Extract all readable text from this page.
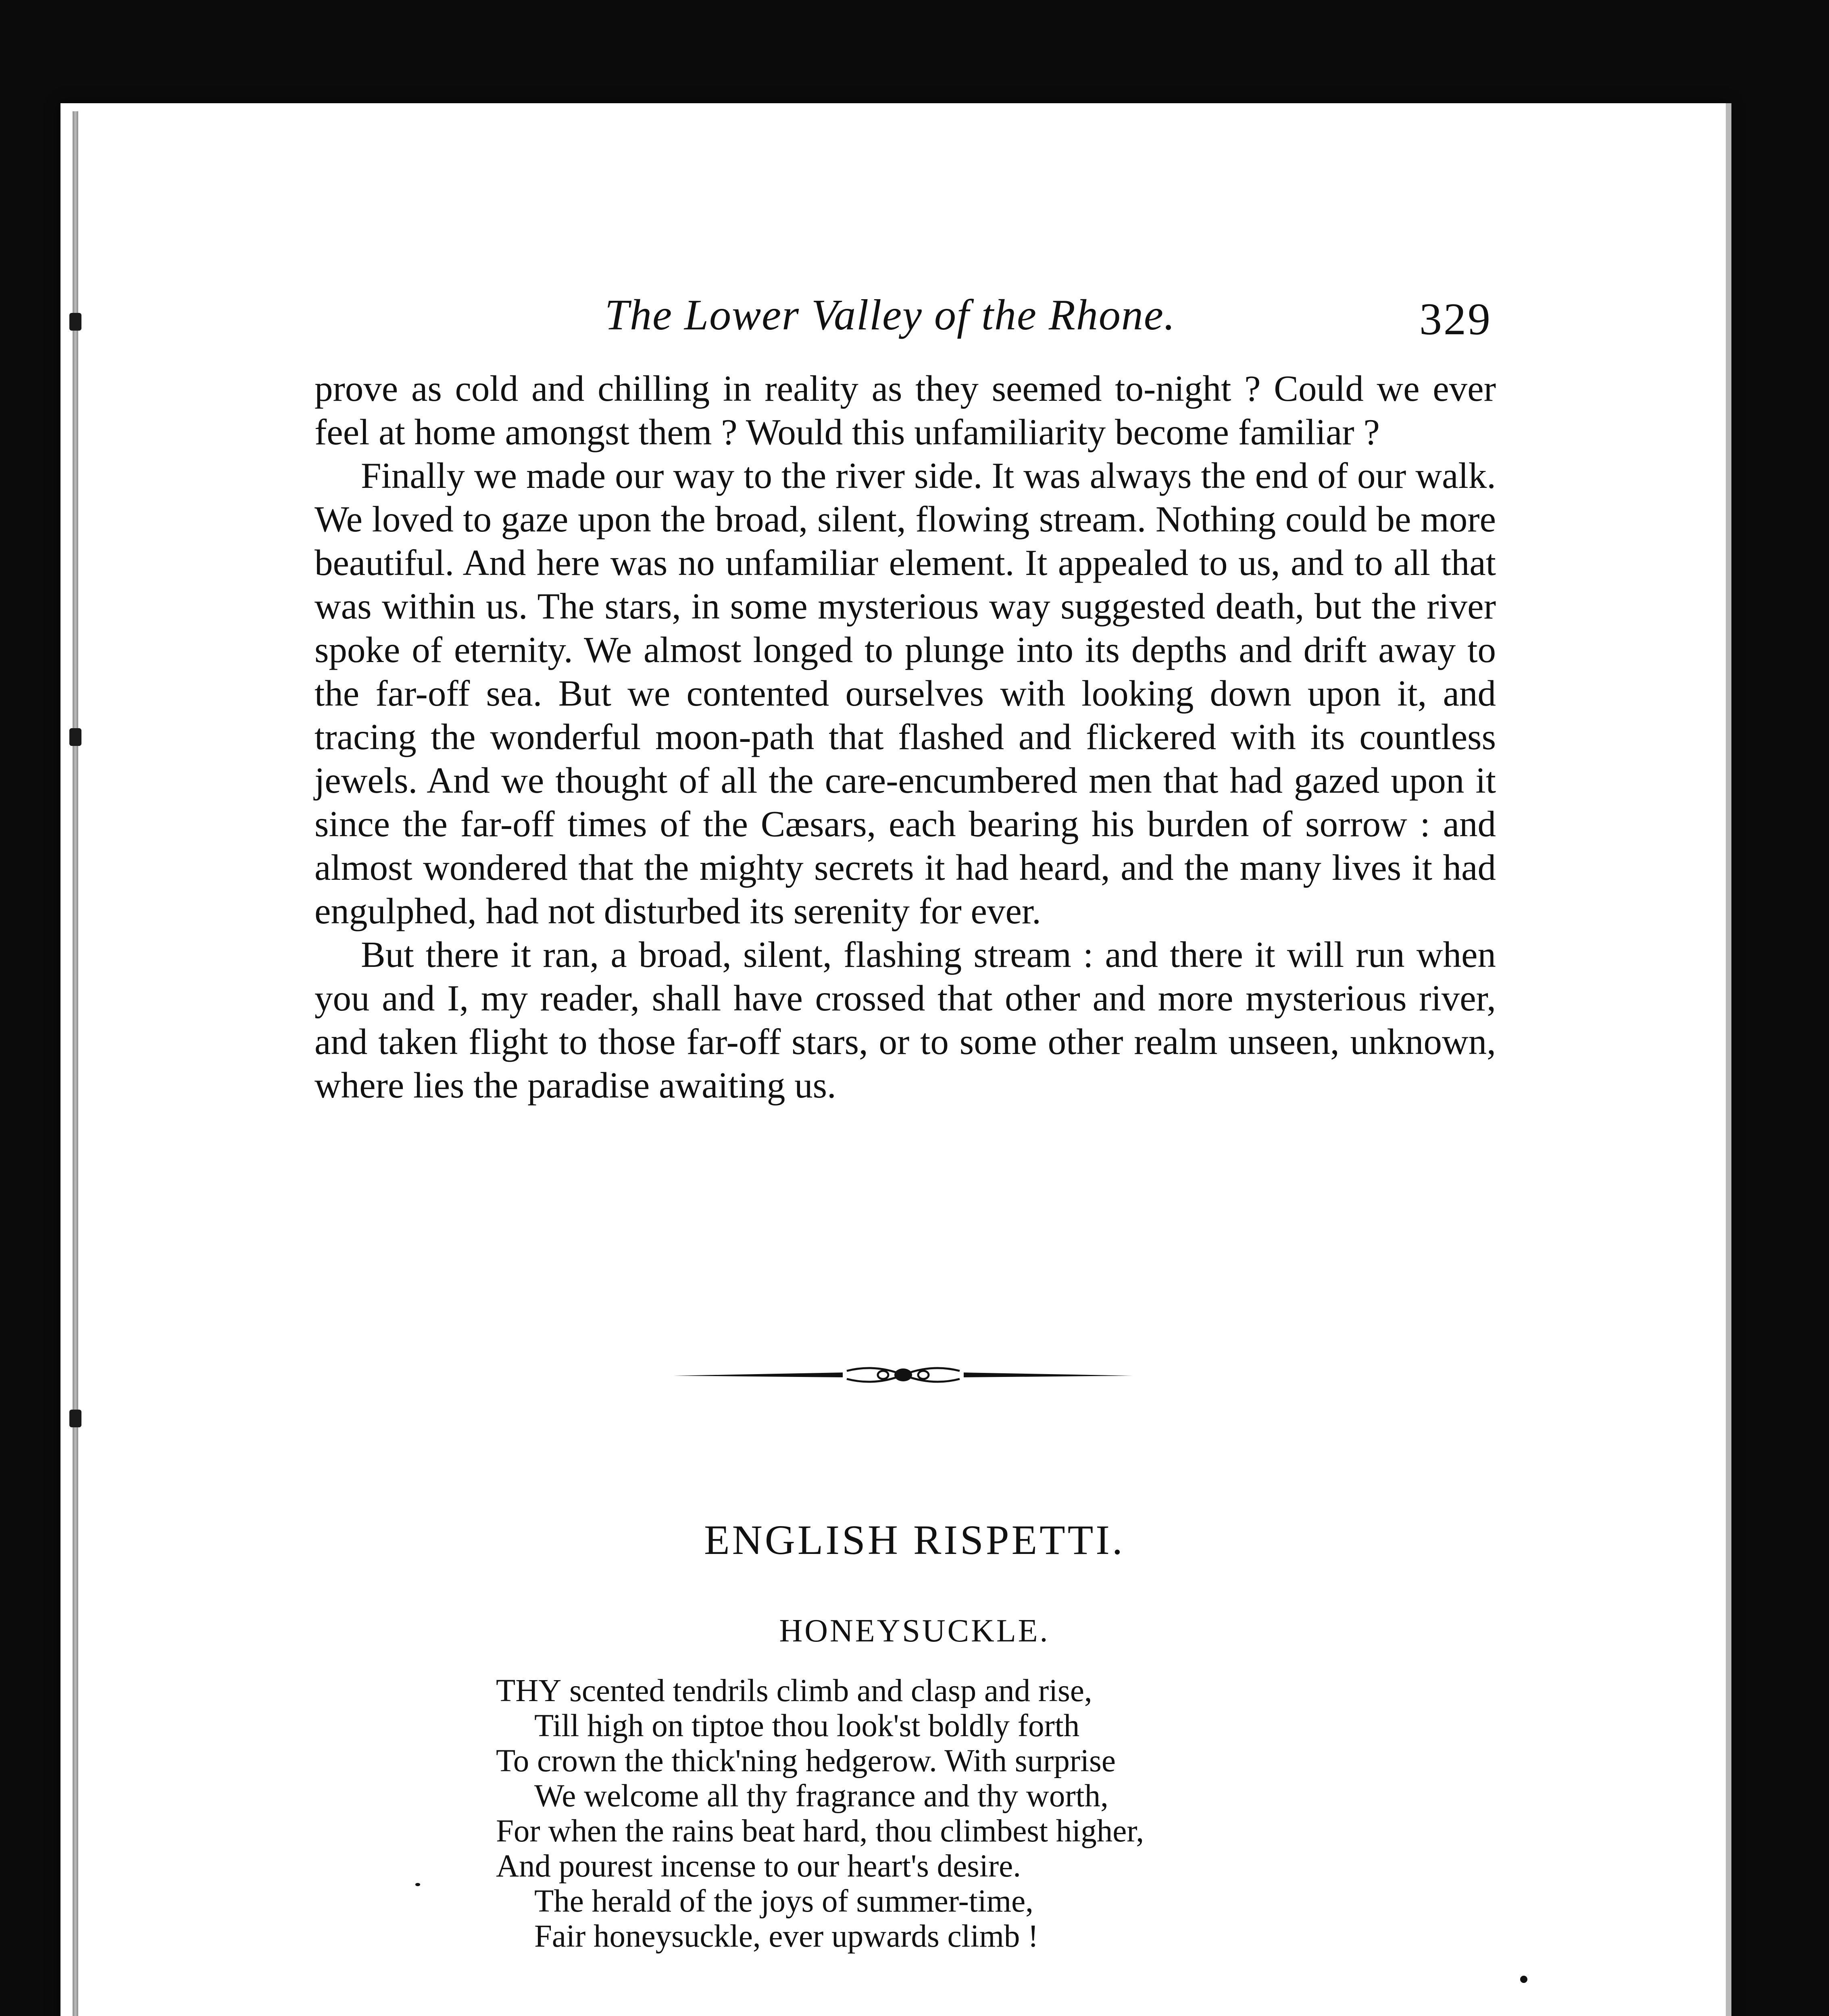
The Lower Valley of the Rhone.	329

prove as cold and chilling in reality as they seemed to-night ? Could we ever feel at home amongst them ? Would this unfamiliarity become familiar ?

Finally we made our way to the river side. It was always the end of our walk. We loved to gaze upon the broad, silent, flowing stream. Nothing could be more beautiful. And here was no unfamiliar element. It appealed to us, and to all that was within us. The stars, in some mysterious way suggested death, but the river spoke of eternity. We almost longed to plunge into its depths and drift away to the far-off sea. But we contented ourselves with looking down upon it, and tracing the wonderful moon-path that flashed and flickered with its countless jewels. And we thought of all the care-encumbered men that had gazed upon it since the far-off times of the Cæsars, each bearing his burden of sorrow : and almost wondered that the mighty secrets it had heard, and the many lives it had engulphed, had not disturbed its serenity for ever.

But there it ran, a broad, silent, flashing stream : and there it will run when you and I, my reader, shall have crossed that other and more mysterious river, and taken flight to those far-off stars, or to some other realm unseen, unknown, where lies the paradise awaiting us.

ENGLISH RISPETTI.
HONEYSUCKLE.
THY scented tendrils climb and clasp and rise,
Till high on tiptoe thou look'st boldly forth
To crown the thick'ning hedgerow. With surprise
We welcome all thy fragrance and thy worth,
For when the rains beat hard, thou climbest higher,
And pourest incense to our heart's desire.
The herald of the joys of summer-time,
Fair honeysuckle, ever upwards climb !
